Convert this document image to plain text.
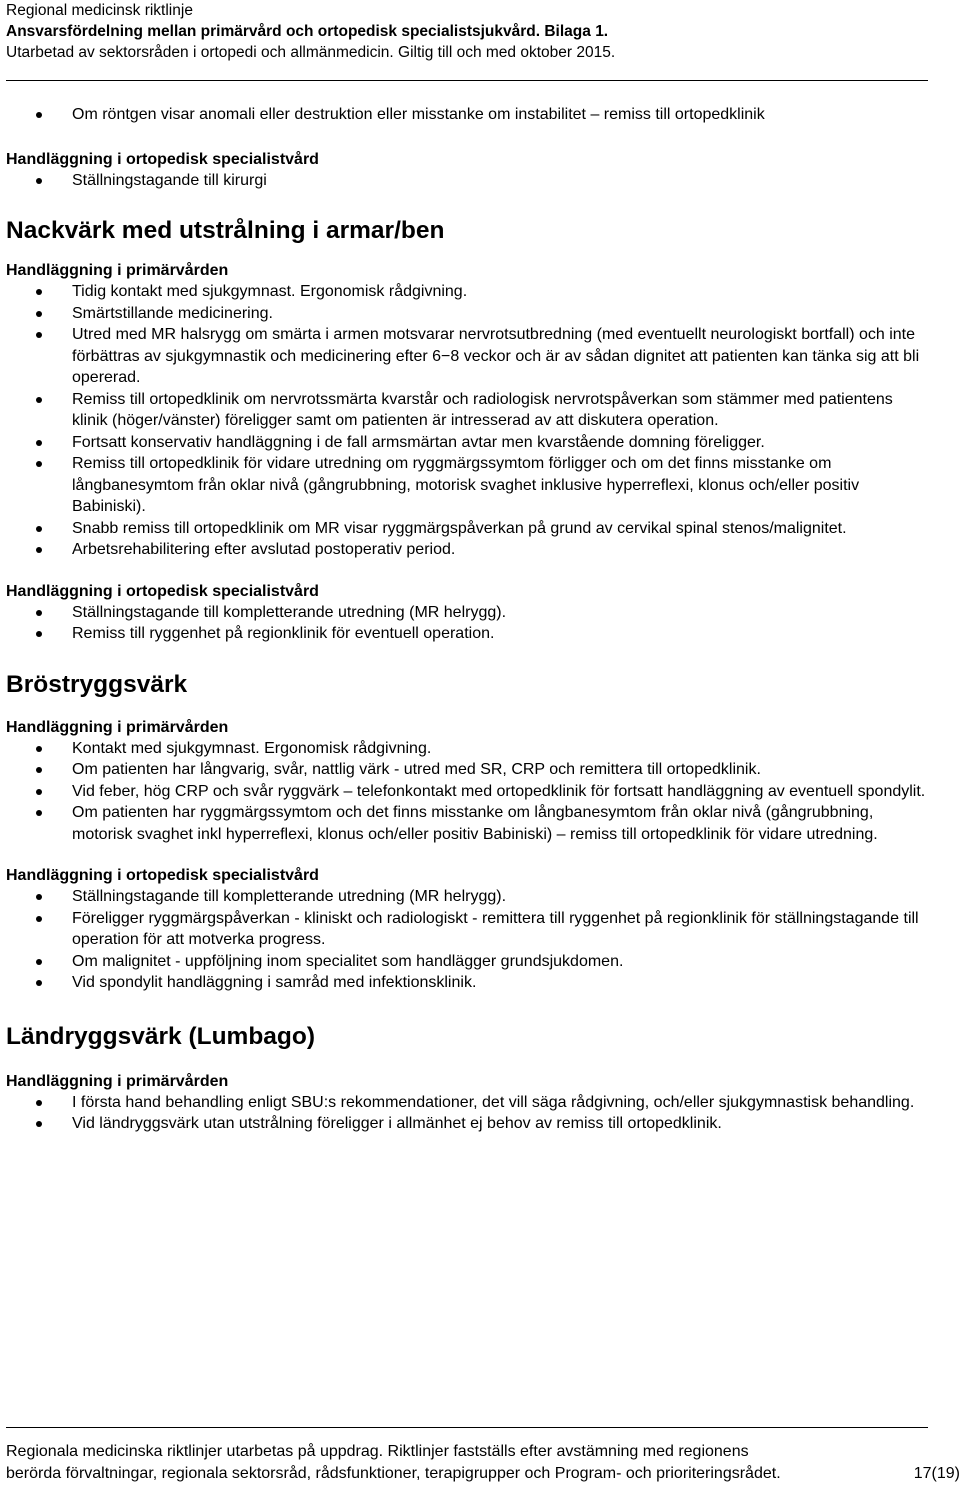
Regional medicinsk riktlinje
Ansvarsfördelning mellan primärvård och ortopedisk specialistsjukvård. Bilaga 1.
Utarbetad av sektorsråden i ortopedi och allmänmedicin. Giltig till och med oktober 2015.
Om röntgen visar anomali eller destruktion eller misstanke om instabilitet – remiss till ortopedklinik

Handläggning i ortopedisk specialistvård

Ställningstagande till kirurgi
Nackvärk med utstrålning i armar/ben

Handläggning i primärvården

Tidig kontakt med sjukgymnast. Ergonomisk rådgivning.
Smärtstillande medicinering.
Utred med MR halsrygg om smärta i armen motsvarar nervrotsutbredning (med eventuellt neurologiskt bortfall) och inte förbättras av sjukgymnastik och medicinering efter 6−8 veckor och är av sådan dignitet att patienten kan tänka sig att bli opererad.
Remiss till ortopedklinik om nervrotssmärta kvarstår och radiologisk nervrotspåverkan som stämmer med patientens klinik (höger/vänster) föreligger samt om patienten är intresserad av att diskutera operation.
Fortsatt konservativ handläggning i de fall armsmärtan avtar men kvarstående domning föreligger.
Remiss till ortopedklinik för vidare utredning om ryggmärgssymtom förligger och om det finns misstanke om långbanesymtom från oklar nivå (gångrubbning, motorisk svaghet inklusive hyperreflexi, klonus och/eller positiv Babiniski).
Snabb remiss till ortopedklinik om MR visar ryggmärgspåverkan på grund av cervikal spinal stenos/malignitet.
Arbetsrehabilitering efter avslutad postoperativ period.

Handläggning i ortopedisk specialistvård

Ställningstagande till kompletterande utredning (MR helrygg).
Remiss till ryggenhet på regionklinik för eventuell operation.
Bröstryggsvärk

Handläggning i primärvården

Kontakt med sjukgymnast. Ergonomisk rådgivning.
Om patienten har långvarig, svår, nattlig värk - utred med SR, CRP och remittera till ortopedklinik.
Vid feber, hög CRP och svår ryggvärk – telefonkontakt med ortopedklinik för fortsatt handläggning av eventuell spondylit.
Om patienten har ryggmärgssymtom och det finns misstanke om långbanesymtom från oklar nivå (gångrubbning, motorisk svaghet inkl hyperreflexi, klonus och/eller positiv Babiniski) – remiss till ortopedklinik för vidare utredning.

Handläggning i ortopedisk specialistvård

Ställningstagande till kompletterande utredning (MR helrygg).
Föreligger ryggmärgspåverkan - kliniskt och radiologiskt - remittera till ryggenhet på regionklinik för ställningstagande till operation för att motverka progress.
Om malignitet - uppföljning inom specialitet som handlägger grundsjukdomen.
Vid spondylit handläggning i samråd med infektionsklinik.
Ländryggsvärk (Lumbago)

Handläggning i primärvården

I första hand behandling enligt SBU:s rekommendationer, det vill säga rådgivning, och/eller sjukgymnastisk behandling.
Vid ländryggsvärk utan utstrålning föreligger i allmänhet ej behov av remiss till ortopedklinik.
Regionala medicinska riktlinjer utarbetas på uppdrag. Riktlinjer fastställs efter avstämning med regionens
berörda förvaltningar, regionala sektorsråd, rådsfunktioner, terapigrupper och Program- och prioriteringsrådet.	17(19)
